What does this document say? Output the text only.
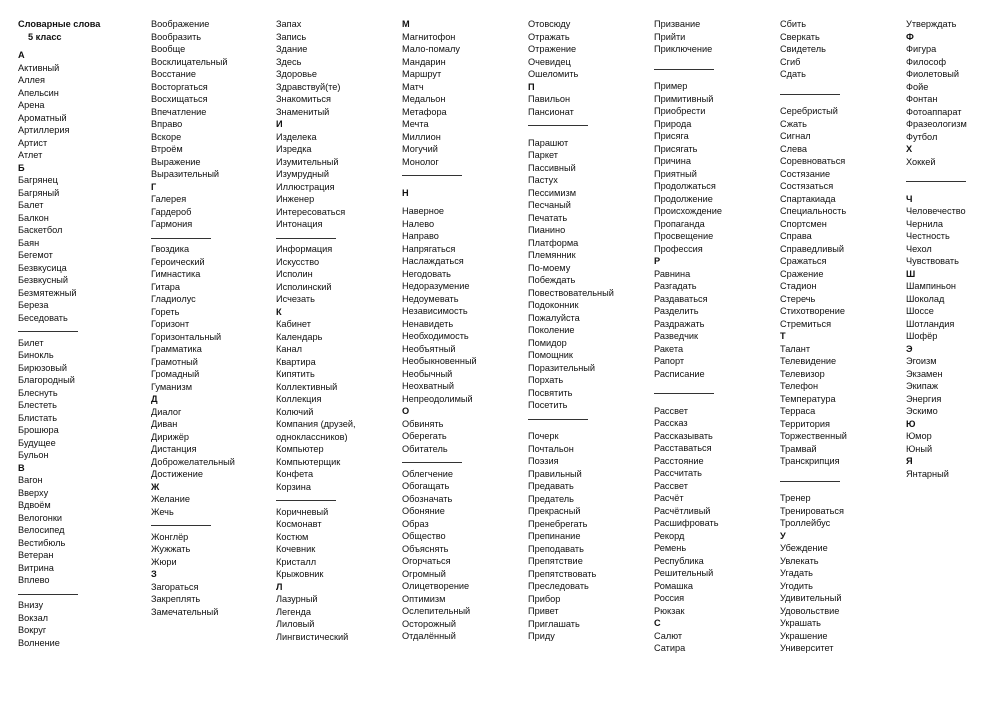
Словарные слова
5 класс
А
Активный
Аллея
Апельсин
Арена
Ароматный
Артиллерия
Артист
Атлет
Б
Багрянец
Багряный
Балет
Балкон
Баскетбол
Баян
Бегемот
Безвкусица
Безвкусный
Безмятежный
Береза
Беседовать
Билет
Бинокль
Бирюзовый
Благородный
Блеснуть
Блестеть
Блистать
Брошюра
Будущее
Бульон
В
Вагон
Вверху
Вдвоём
Велогонки
Велосипед
Вестибюль
Ветеран
Витрина
Вплево
Внизу
Вокзал
Вокруг
Волнение
Воображение
Вообразить
Вообще
Восклицательный
Восстание
Восторгаться
Восхищаться
Впечатление
Вправо
Вскоре
Втроём
Выражение
Выразительный
Г
Галерея
Гардероб
Гармония
Гвоздика
Героический
Гимнастика
Гитара
Гладиолус
Гореть
Горизонт
Горизонтальный
Грамматика
Грамотный
Громадный
Гуманизм
Д
Диалог
Диван
Дирижёр
Дистанция
Доброжелательный
Достижение
Ж
Желание
Жечь
Жонглёр
Жужжать
Жюри
З
Загораться
Закреплять
Замечательный
Запах
Запись
Здание
Здесь
Здоровье
Здравствуй(те)
Знакомиться
Знаменитый
И
Изделека
Изредка
Изумительный
Изумрудный
Иллюстрация
Инженер
Интересоваться
Интонация
Информация
Искусство
Исполин
Исполинский
Исчезать
К
Кабинет
Календарь
Канал
Квартира
Кипятить
Коллективный
Коллекция
Колючий
Компания (друзей,
одноклассников)
Компьютер
Компьютерщик
Конфета
Корзина
Коричневый
Космонавт
Костюм
Кочевник
Кристалл
Крыжовник
Л
Лазурный
Легенда
Лиловый
Лингвистический
М
Магнитофон
Мало-помалу
Мандарин
Маршрут
Матч
Медальон
Метафора
Мечта
Миллион
Могучий
Монолог
Н
Наверное
Налево
Направо
Напрягаться
Наслаждаться
Негодовать
Недоразумение
Недоумевать
Независимость
Ненавидеть
Необходимость
Необъятный
Необыкновенный
Необычный
Неохватный
Непреодолимый
О
Обвинять
Оберегать
Обитатель
Облегчение
Обогащать
Обозначать
Обоняние
Образ
Общество
Объяснять
Огорчаться
Огромный
Олицетворение
Оптимизм
Ослепительный
Осторожный
Отдалённый
Отовсюду
Отражать
Отражение
Очевидец
Ошеломить
П
Павильон
Пансионат
Парашют
Паркет
Пассивный
Пастух
Пессимизм
Песчаный
Печатать
Пианино
Платформа
Племянник
По-моему
Побеждать
Повествовательный
Подоконник
Пожалуйста
Поколение
Помидор
Помощник
Поразительный
Порхать
Посвятить
Посетить
Почерк
Почтальон
Поэзия
Правильный
Предавать
Предатель
Прекрасный
Пренебрегать
Препинание
Преподавать
Препятствие
Препятствовать
Преследовать
Прибор
Привет
Приглашать
Приду
Призвание
Прийти
Приключение
Пример
Примитивный
Приобрести
Природа
Присяга
Присягать
Причина
Приятный
Продолжаться
Продолжение
Происхождение
Пропаганда
Просвещение
Профессия
Р
Равнина
Разгадать
Раздаваться
Разделить
Раздражать
Разведчик
Ракета
Рапорт
Расписание
Рассвет
Рассказ
Рассказывать
Расставаться
Расстояние
Рассчитать
Рассвет
Расчёт
Расчётливый
Расшифровать
Рекорд
Ремень
Республика
Решительный
Ромашка
Россия
Рюкзак
С
Салют
Сатира
Сбить
Сверкать
Свидетель
Сгиб
Сдать
Серебристый
Сжать
Сигнал
Слева
Соревноваться
Состязание
Состязаться
Спартакиада
Специальность
Спортсмен
Справа
Справедливый
Сражаться
Сражение
Стадион
Стеречь
Стихотворение
Стремиться
Т
Талант
Телевидение
Телевизор
Телефон
Температура
Терраса
Территория
Торжественный
Трамвай
Транскрипция
Тренер
Тренироваться
Троллейбус
У
Убеждение
Увлекать
Угадать
Угодить
Удивительный
Удовольствие
Украшать
Украшение
Университет
Утверждать
Ф
Фигура
Философ
Фиолетовый
Фойе
Фонтан
Фотоаппарат
Фразеологизм
Футбол
Х
Хоккей
Ч
Человечество
Чернила
Честность
Чехол
Чувствовать
Ш
Шампиньон
Шоколад
Шоссе
Шотландия
Шофёр
Э
Эгоизм
Экзамен
Экипаж
Энергия
Эскимо
Ю
Юмор
Юный
Я
Янтарный
